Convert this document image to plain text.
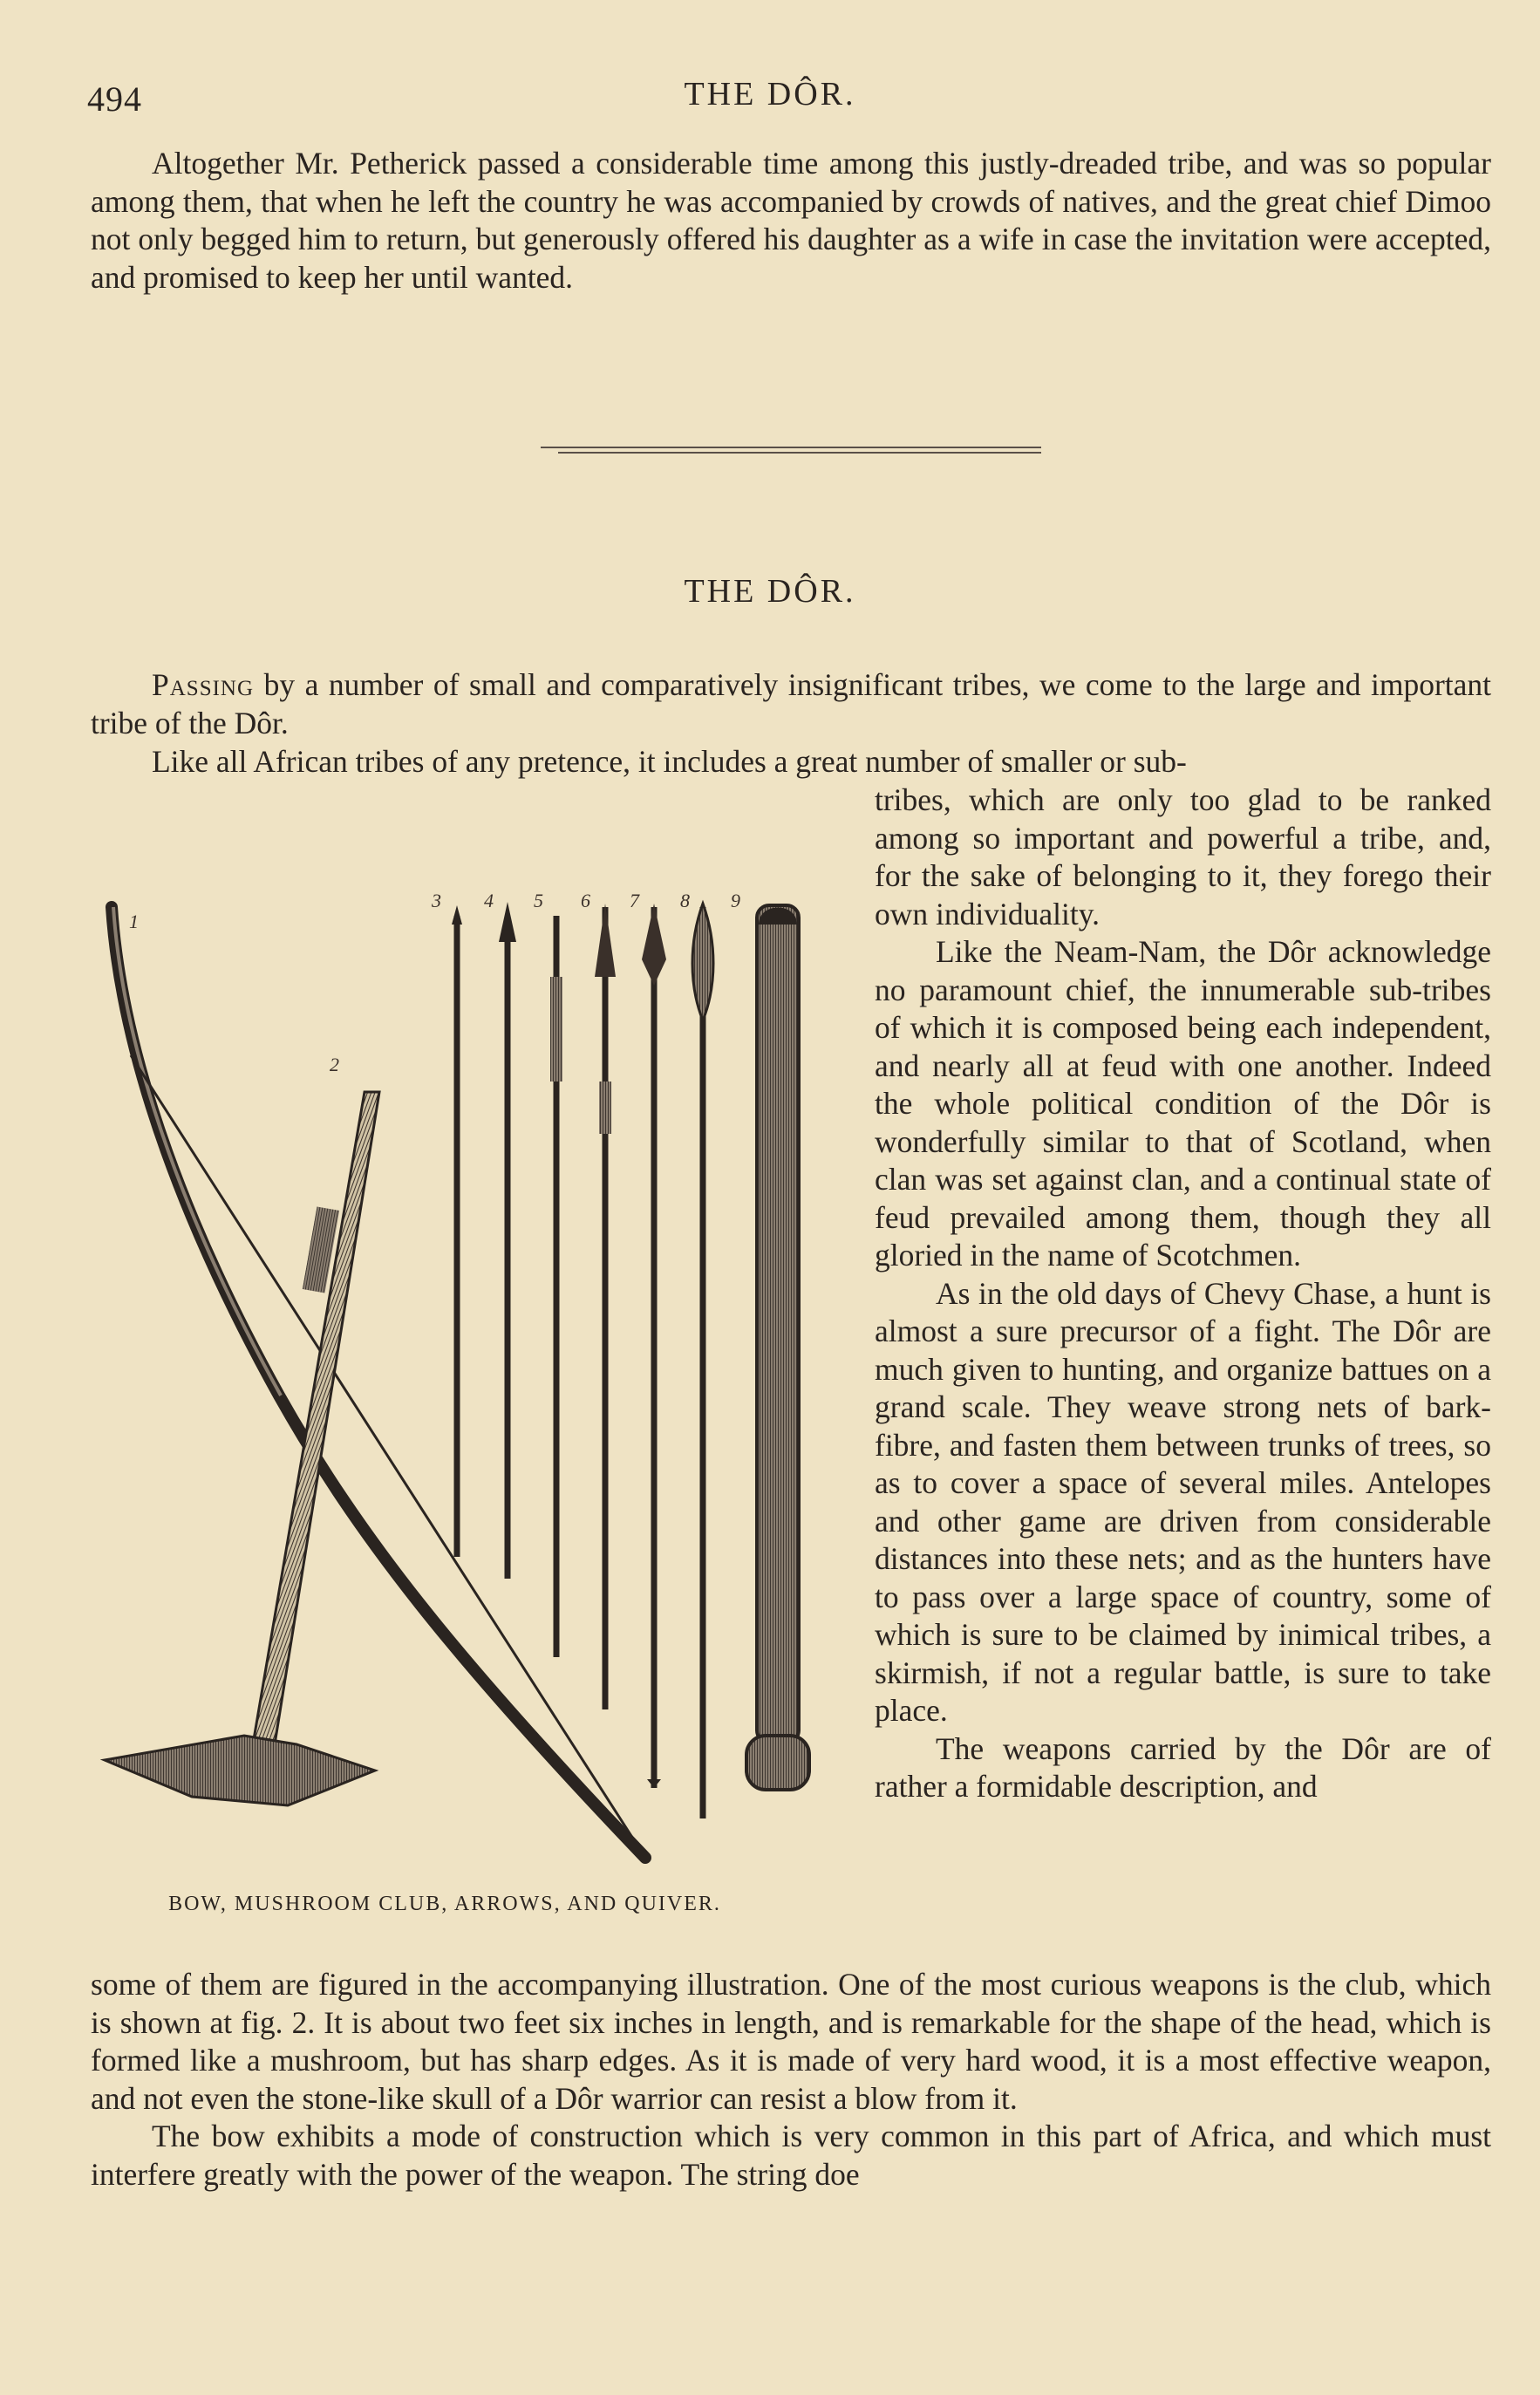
494	THE DÔR.

Altogether Mr. Petherick passed a considerable time among this justly-dreaded tribe, and was so popular among them, that when he left the country he was accompanied by crowds of natives, and the great chief Dimoo not only begged him to return, but generously offered his daughter as a wife in case the invitation were accepted, and promised to keep her until wanted.

THE DÔR.

Passing by a number of small and comparatively insignificant tribes, we come to the large and important tribe of the Dôr.

Like all African tribes of any pretence, it includes a great number of smaller or sub-

tribes, which are only too glad to be ranked among so important and powerful a tribe, and, for the sake of belonging to it, they forego their own individuality.

Like the Neam-Nam, the Dôr acknowledge no paramount chief, the innumerable sub-tribes of which it is composed being each independent, and nearly all at feud with one another. Indeed the whole political condition of the Dôr is wonderfully similar to that of Scotland, when clan was set against clan, and a continual state of feud prevailed among them, though they all gloried in the name of Scotchmen.

As in the old days of Chevy Chase, a hunt is almost a sure precursor of a fight. The Dôr are much given to hunting, and organize battues on a grand scale. They weave strong nets of bark-fibre, and fasten them between trunks of trees, so as to cover a space of several miles. Antelopes and other game are driven from considerable distances into these nets; and as the hunters have to pass over a large space of country, some of which is sure to be claimed by inimical tribes, a skirmish, if not a regular battle, is sure to take place.

The weapons carried by the Dôr are of rather a formidable description, and

1
2
3 4 5 6 7 8 9
BOW, MUSHROOM CLUB, ARROWS, AND QUIVER.

some of them are figured in the accompanying illustration. One of the most curious weapons is the club, which is shown at fig. 2. It is about two feet six inches in length, and is remarkable for the shape of the head, which is formed like a mushroom, but has sharp edges. As it is made of very hard wood, it is a most effective weapon, and not even the stone-like skull of a Dôr warrior can resist a blow from it.

The bow exhibits a mode of construction which is very common in this part of Africa, and which must interfere greatly with the power of the weapon. The string doe
